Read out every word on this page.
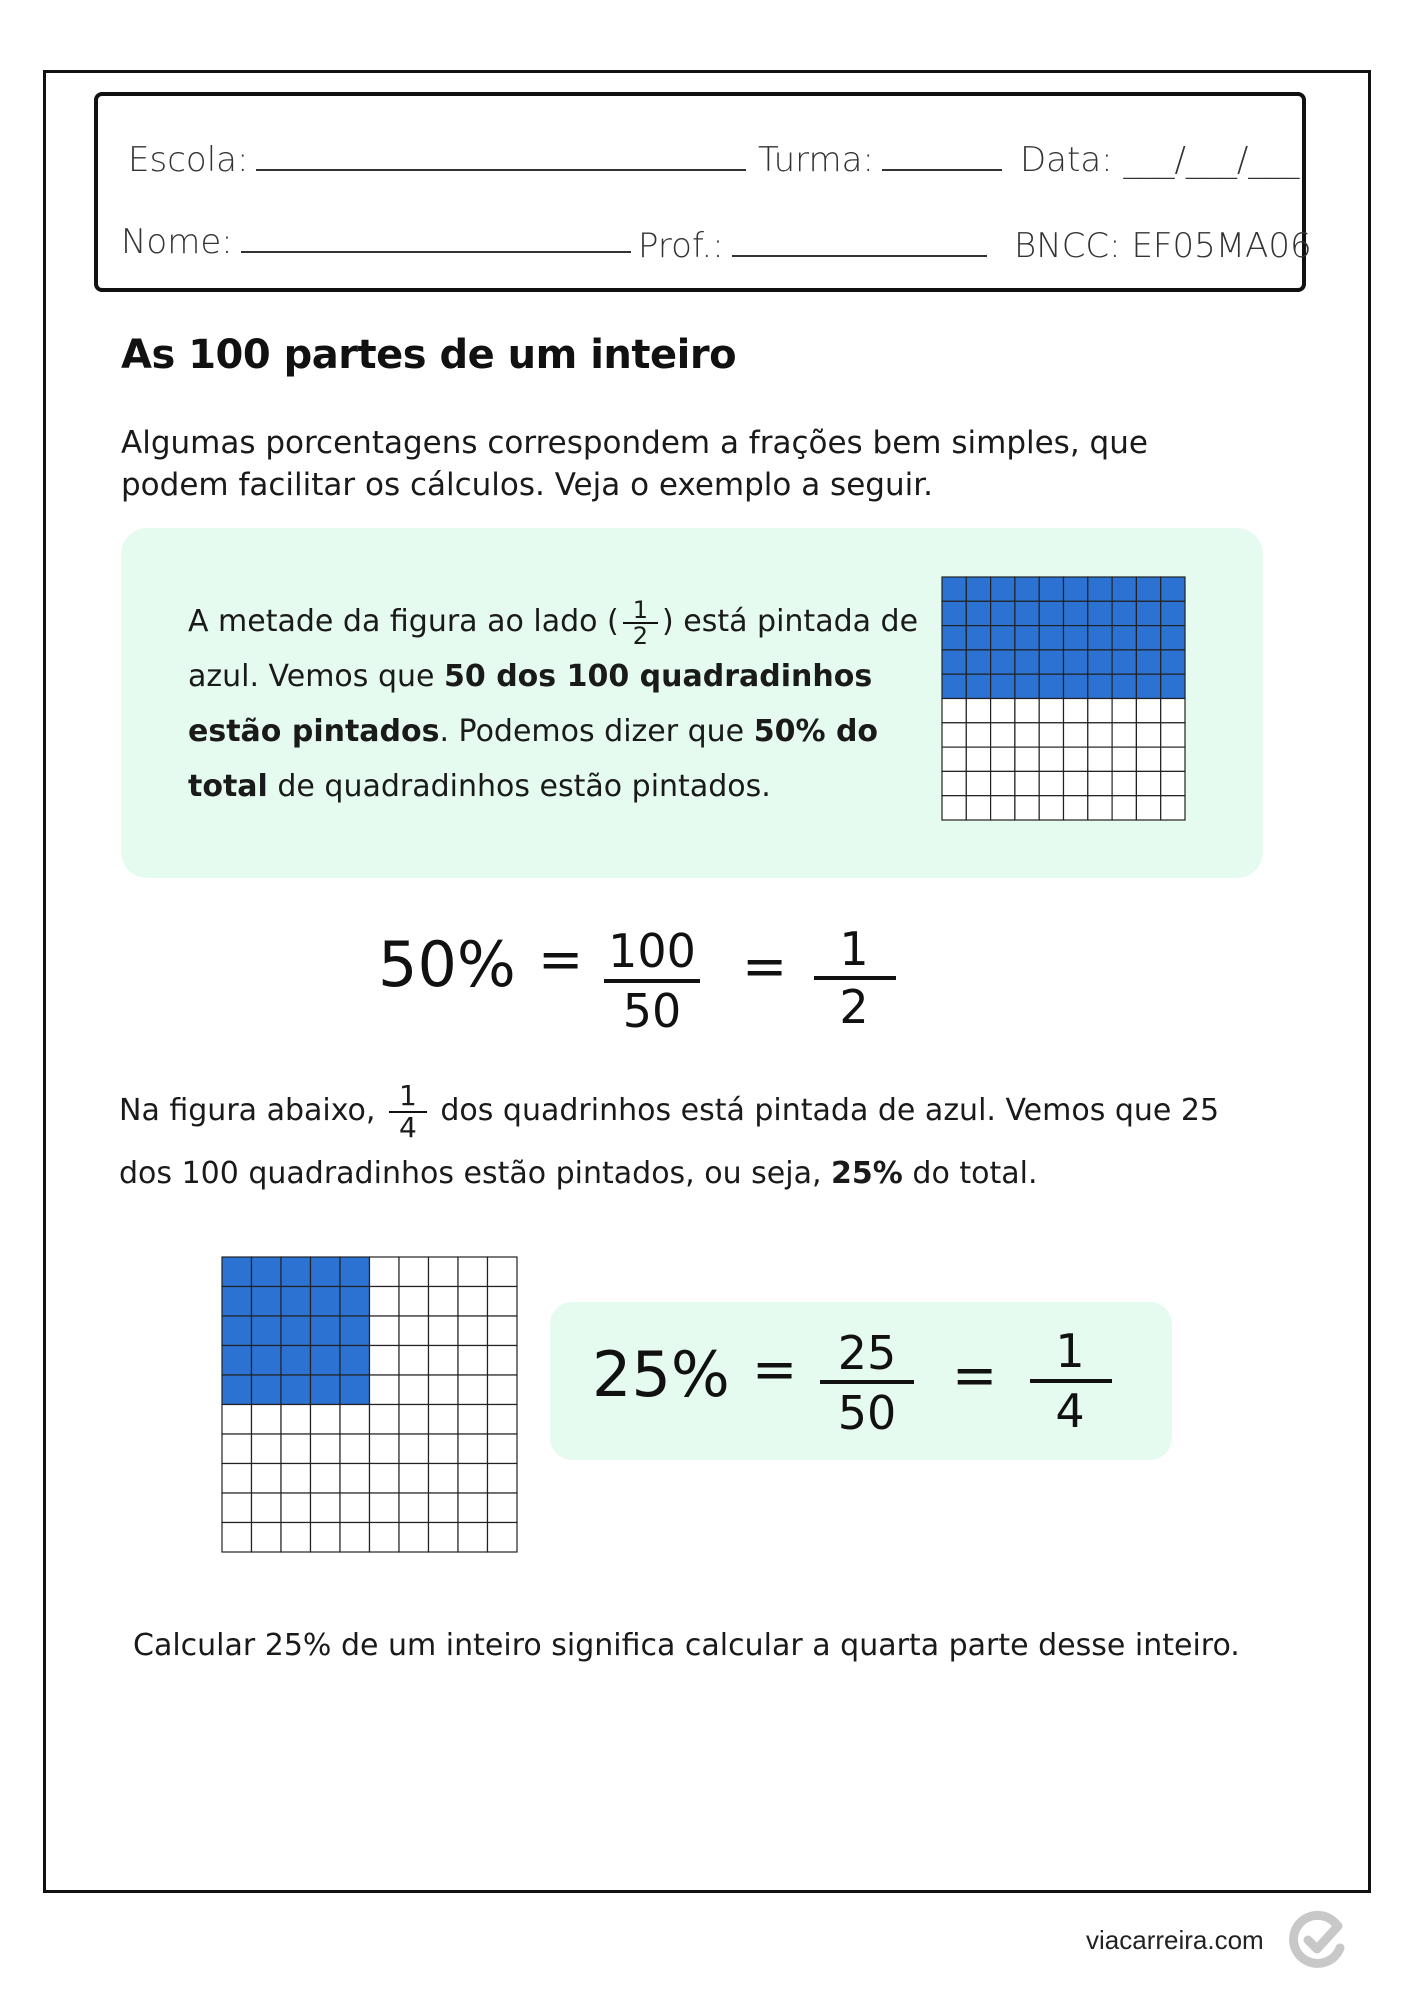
Escola:	Turma:	Data: ___/___/___
Nome:	Prof.:	BNCC: EF05MA06
As 100 partes de um inteiro
Algumas porcentagens correspondem a frações bem simples, que podem facilitar os cálculos. Veja o exemplo a seguir.
A metade da figura ao lado ( $\frac{1}{2}$ ) está pintada de azul. Vemos que 50 dos 100 quadradinhos estão pintados. Podemos dizer que 50% do total de quadradinhos estão pintados.
50% = 100
50
=	1
2
Na figura abaixo, $\frac{1}{4}$ dos quadrinhos está pintada de azul. Vemos que 25 dos 100 quadradinhos estão pintados, ou seja, 25% do total.
25% = 25
50
=	1
4
Calcular 25% de um inteiro significa calcular a quarta parte desse inteiro.
viacarreira.com
